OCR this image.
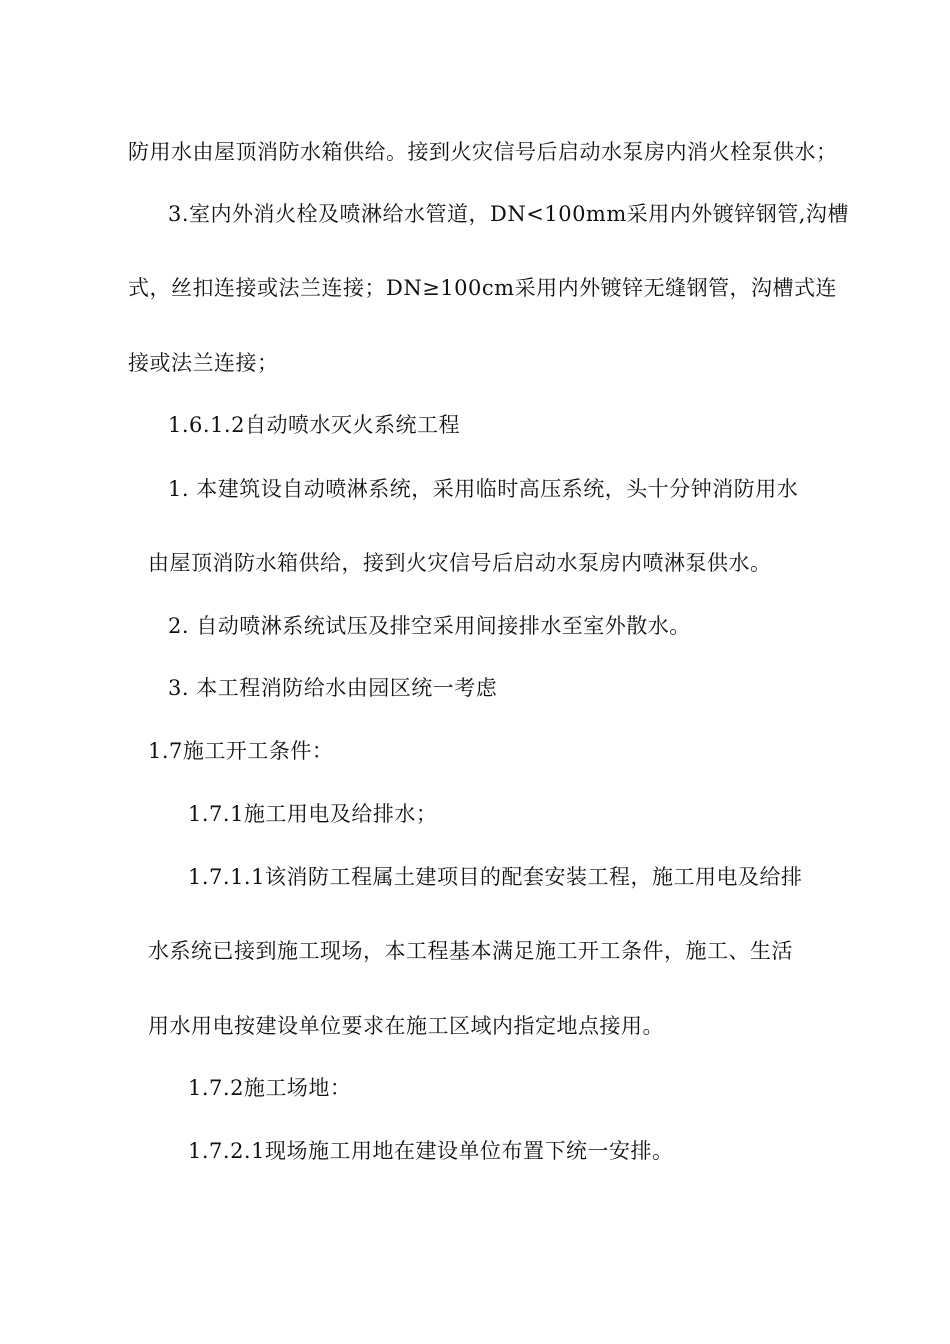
防用水由屋顶消防水箱供给。接到火灾信号后启动水泵房内消火栓泵供水；
3.室内外消火栓及喷淋给水管道，DN<100mm采用内外镀锌钢管,沟槽
式，丝扣连接或法兰连接；DN≥100cm采用内外镀锌无缝钢管，沟槽式连
接或法兰连接；
1.6.1.2自动喷水灭火系统工程
1. 本建筑设自动喷淋系统，采用临时高压系统，头十分钟消防用水
由屋顶消防水箱供给，接到火灾信号后启动水泵房内喷淋泵供水。
2. 自动喷淋系统试压及排空采用间接排水至室外散水。
3. 本工程消防给水由园区统一考虑
1.7施工开工条件：
1.7.1施工用电及给排水；
1.7.1.1该消防工程属土建项目的配套安装工程，施工用电及给排
水系统已接到施工现场，本工程基本满足施工开工条件，施工、生活
用水用电按建设单位要求在施工区域内指定地点接用。
1.7.2施工场地：
1.7.2.1现场施工用地在建设单位布置下统一安排。
